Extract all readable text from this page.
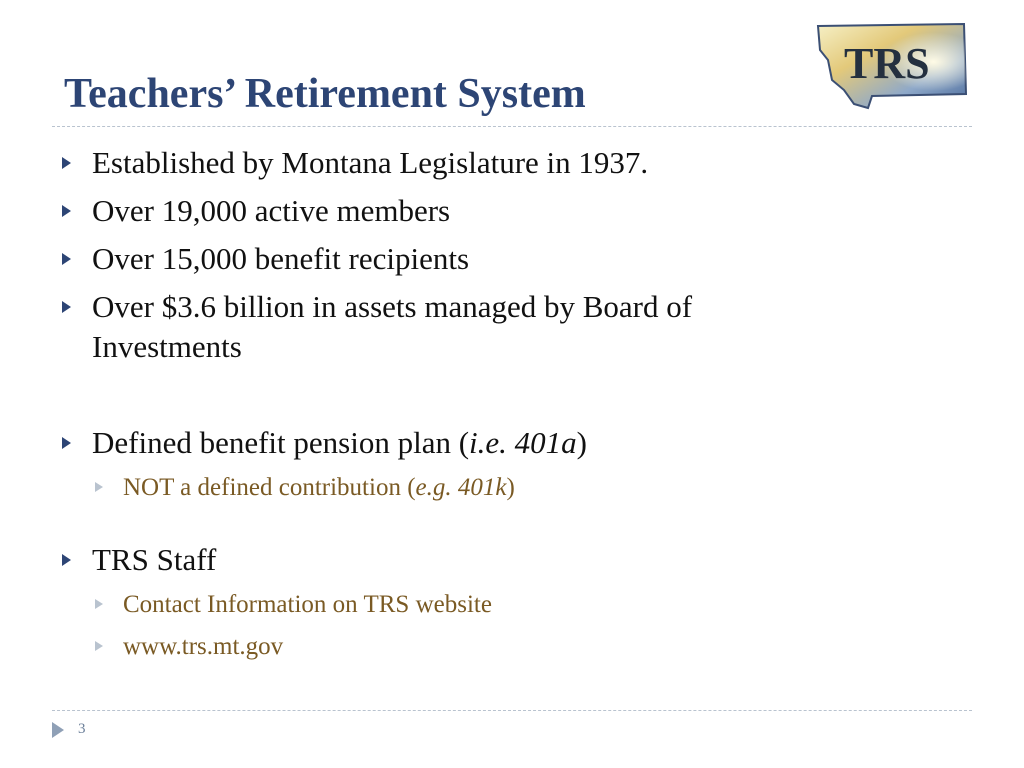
Teachers’ Retirement System
TRS
Established by Montana Legislature in 1937.
Over 19,000 active members
Over 15,000 benefit recipients
Over $3.6 billion in assets managed by Board of Investments
Defined benefit pension plan (i.e. 401a)
NOT a defined contribution (e.g. 401k)
TRS Staff
Contact Information on TRS website
www.trs.mt.gov
3
